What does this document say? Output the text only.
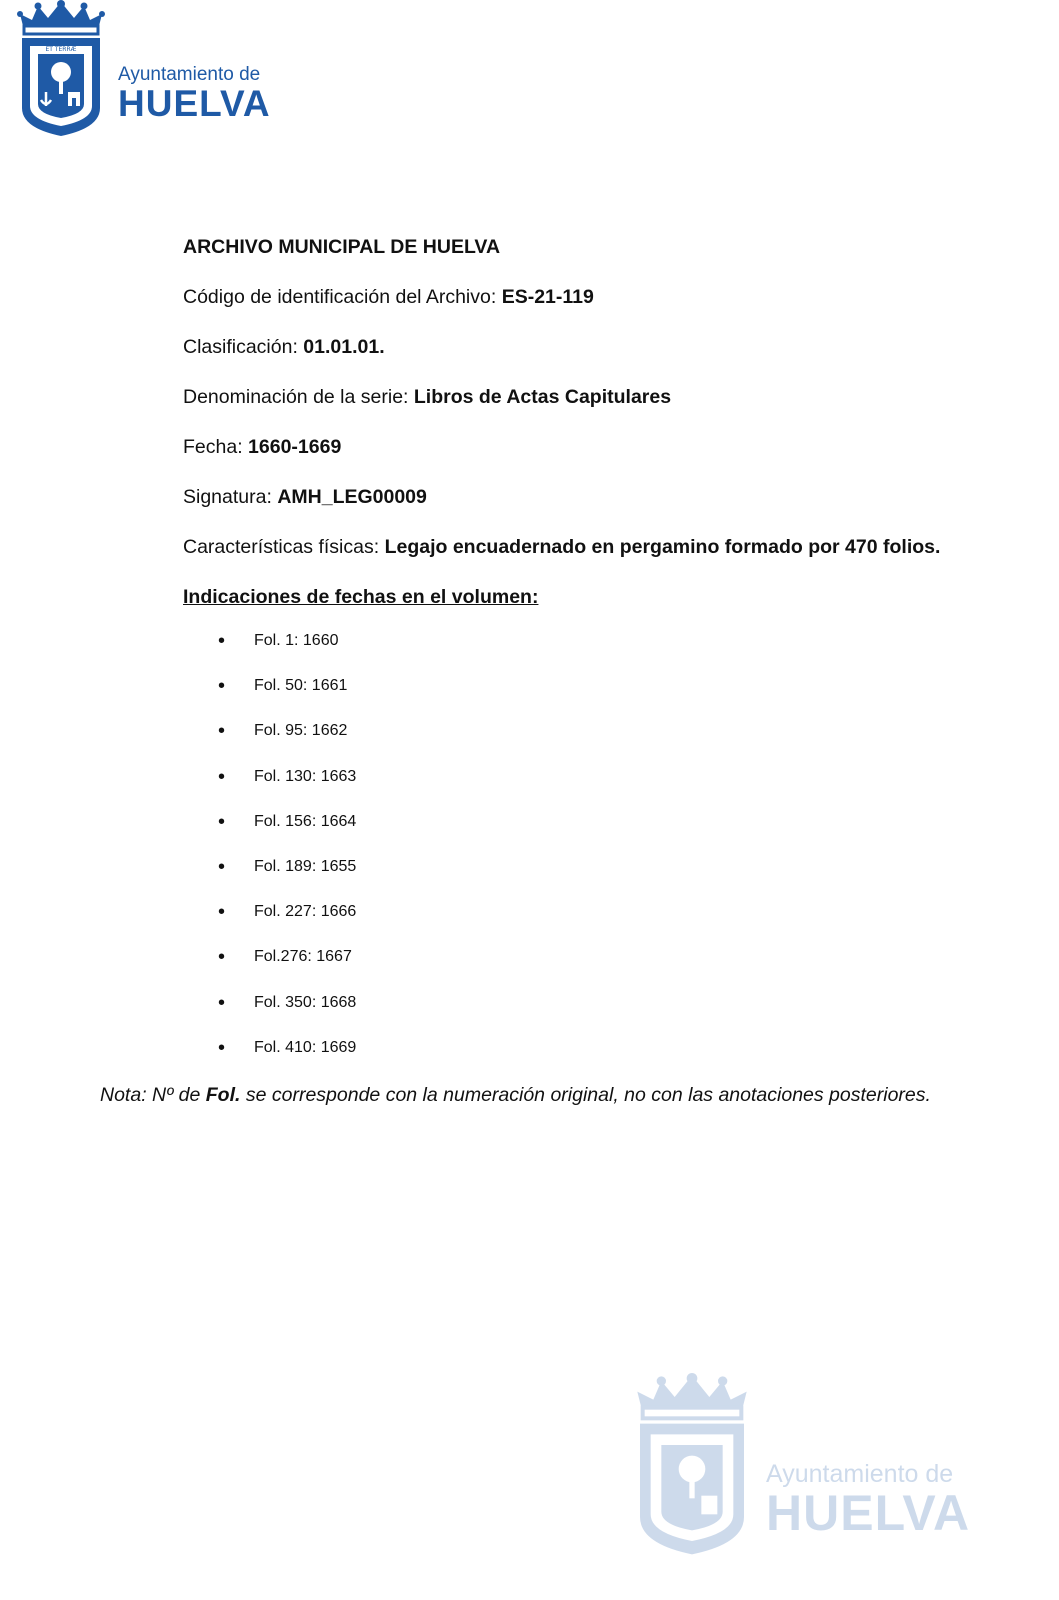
ET TERRÆ
Ayuntamiento de
HUELVA
ARCHIVO MUNICIPAL DE HUELVA
Código de identificación del Archivo: ES-21-119
Clasificación: 01.01.01.
Denominación de la serie: Libros de Actas Capitulares
Fecha: 1660-1669
Signatura: AMH_LEG00009
Características físicas: Legajo encuadernado en pergamino formado por 470 folios.
Indicaciones de fechas en el volumen:
•	Fol. 1: 1660
•	Fol. 50: 1661
•	Fol. 95: 1662
•	Fol. 130: 1663
•	Fol. 156: 1664
•	Fol. 189: 1655
•	Fol. 227: 1666
•	Fol.276: 1667
•	Fol. 350: 1668
•	Fol. 410: 1669
Nota: Nº de Fol. se corresponde con la numeración original, no con las anotaciones posteriores.
Ayuntamiento de
HUELVA
